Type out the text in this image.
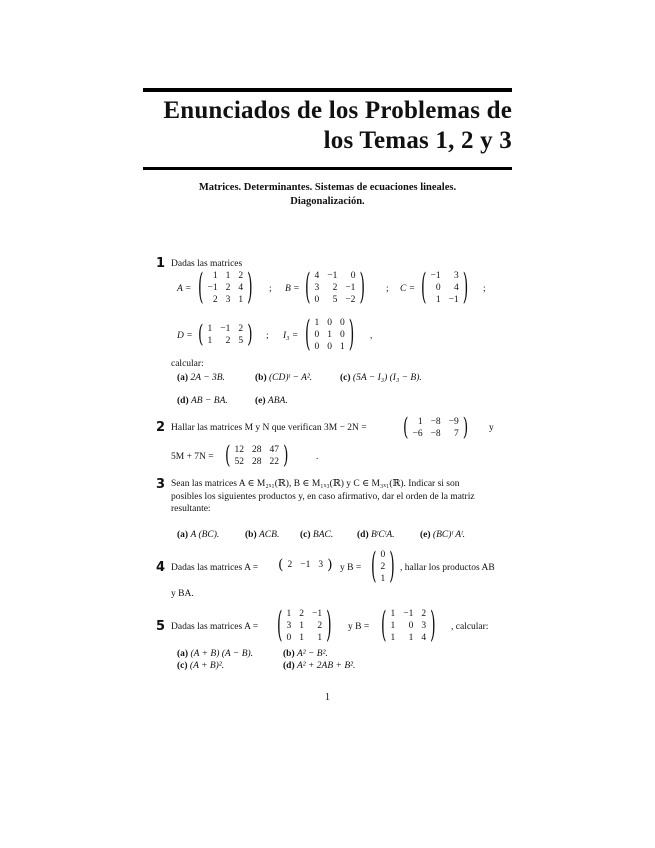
Enunciados de los Problemas de
los Temas 1, 2 y 3
Matrices. Determinantes. Sistemas de ecuaciones lineales.
Diagonalización.
1 Dadas las matrices
A = ( 1	1	2
−1	2	4
2	3	1 ) ; B = ( 4	−1	0
3	2	−1
0	5	−2 ) ; C = ( −1	3
0	4
1	−1 ) ;
D = ( 1	−1	2
1	2	5 ) ; I₃ = ( 1	0	0
0	1	0
0	0	1 ) ,
calcular:
(a) 2A − 3B.	(b) (CD)ᵗ − A².	(c) (5A − I₃) (I₃ − B).
(d) AB − BA.	(e) ABA.
2 Hallar las matrices M y N que verifican 3M − 2N =	( 1	−8	−9
−6	−8	7 ) y
5M + 7N = ( 12	28	47
52	28	22 )	.
3 Sean las matrices A ∈ M₂ₓ₁(ℝ), B ∈ M₁ₓ₃(ℝ) y C ∈ M₃ₓ₁(ℝ). Indicar si son
posibles los siguientes productos y, en caso afirmativo, dar el orden de la matriz
resultante:
(a) A (BC).	(b) ACB. (c) BAC.	(d) BᵗCᵗA.	(e) (BC)ᵗ Aᵗ.
4 Dadas las matrices A = ( 2	−1	3 ) y B = ( 0
2
1 ) , hallar los productos AB
y BA.
5 Dadas las matrices A = ( 1	2	−1
3	1	2
0	1	1 ) y B = ( 1	−1	2
1	0	3
1	1	4 ) , calcular:
(a) (A + B) (A − B).	(b) A² − B².
(c) (A + B)².	(d) A² + 2AB + B².
1
